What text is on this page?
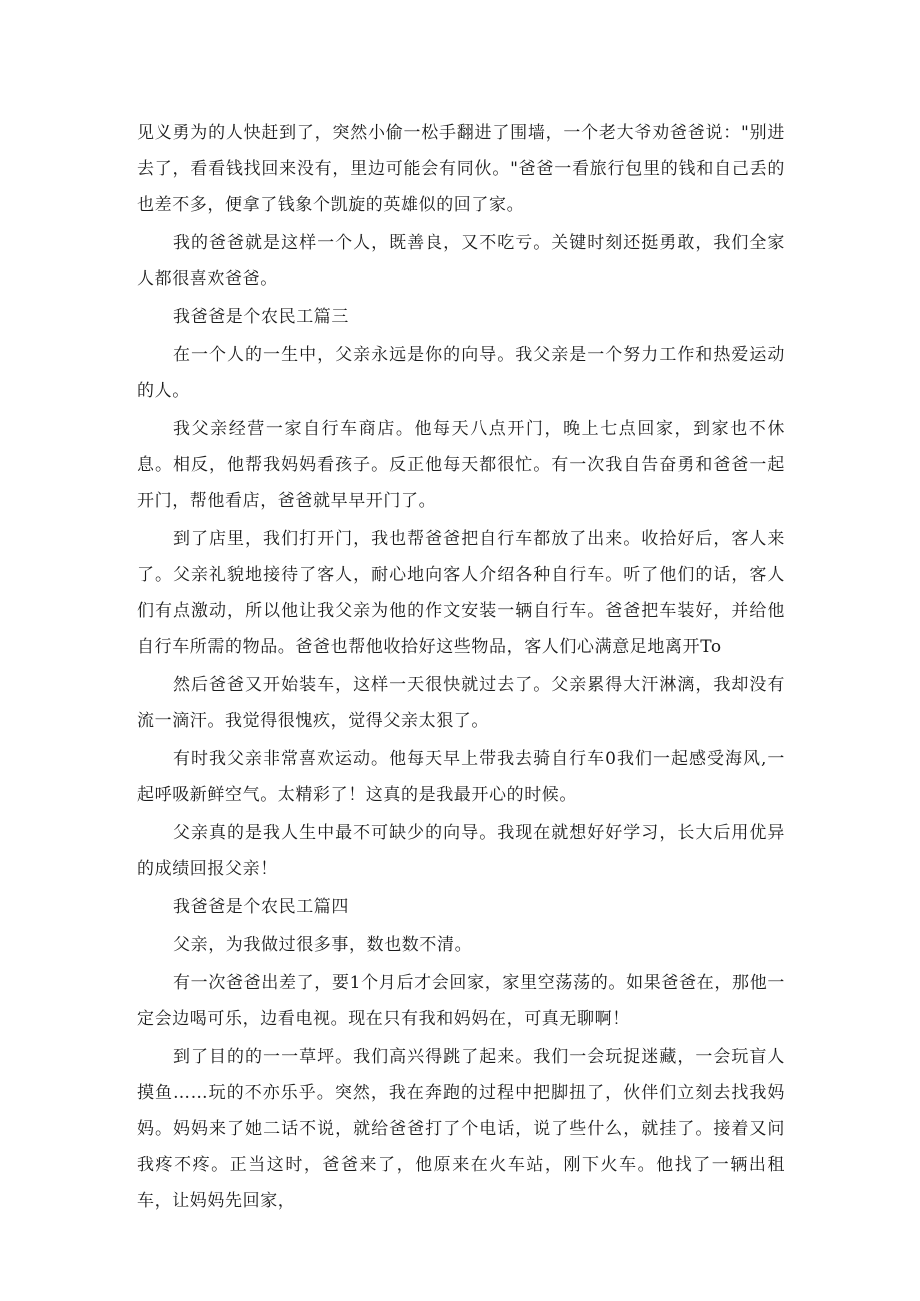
见义勇为的人快赶到了，突然小偷一松手翻进了围墙，一个老大爷劝爸爸说："别进去了，看看钱找回来没有，里边可能会有同伙。"爸爸一看旅行包里的钱和自己丢的也差不多，便拿了钱象个凯旋的英雄似的回了家。

我的爸爸就是这样一个人，既善良，又不吃亏。关键时刻还挺勇敢，我们全家人都很喜欢爸爸。

我爸爸是个农民工篇三

在一个人的一生中，父亲永远是你的向导。我父亲是一个努力工作和热爱运动的人。

我父亲经营一家自行车商店。他每天八点开门，晚上七点回家，到家也不休息。相反，他帮我妈妈看孩子。反正他每天都很忙。有一次我自告奋勇和爸爸一起开门，帮他看店，爸爸就早早开门了。

到了店里，我们打开门，我也帮爸爸把自行车都放了出来。收拾好后，客人来了。父亲礼貌地接待了客人，耐心地向客人介绍各种自行车。听了他们的话，客人们有点激动，所以他让我父亲为他的作文安装一辆自行车。爸爸把车装好，并给他自行车所需的物品。爸爸也帮他收拾好这些物品，客人们心满意足地离开To

然后爸爸又开始装车，这样一天很快就过去了。父亲累得大汗淋漓，我却没有流一滴汗。我觉得很愧疚，觉得父亲太狠了。

有时我父亲非常喜欢运动。他每天早上带我去骑自行车0我们一起感受海风,一起呼吸新鲜空气。太精彩了！这真的是我最开心的时候。

父亲真的是我人生中最不可缺少的向导。我现在就想好好学习，长大后用优异的成绩回报父亲！

我爸爸是个农民工篇四

父亲，为我做过很多事，数也数不清。

有一次爸爸出差了，要1个月后才会回家，家里空荡荡的。如果爸爸在，那他一定会边喝可乐，边看电视。现在只有我和妈妈在，可真无聊啊！

到了目的的一一草坪。我们高兴得跳了起来。我们一会玩捉迷藏，一会玩盲人摸鱼……玩的不亦乐乎。突然，我在奔跑的过程中把脚扭了，伙伴们立刻去找我妈妈。妈妈来了她二话不说，就给爸爸打了个电话，说了些什么，就挂了。接着又问我疼不疼。正当这时，爸爸来了，他原来在火车站，刚下火车。他找了一辆出租车，让妈妈先回家，
